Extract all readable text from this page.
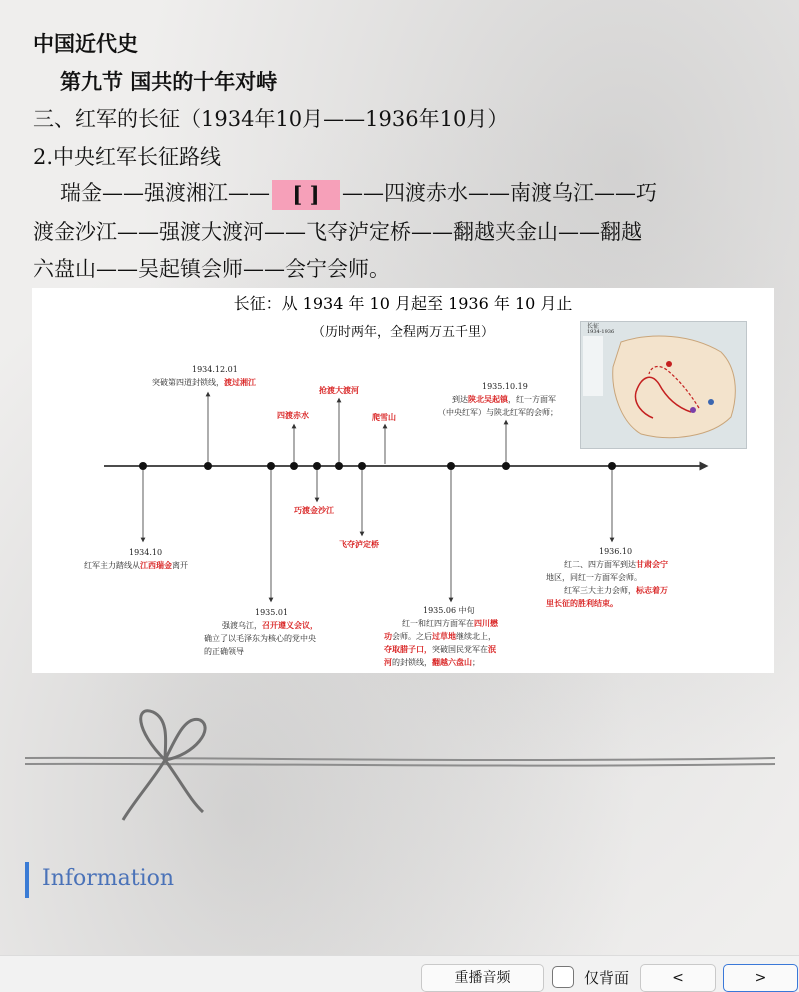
中国近代史
第九节 国共的十年对峙
三、红军的长征（1934年10月——1936年10月）
2.中央红军长征路线
瑞金——强渡湘江—— [ ] ——四渡赤水——南渡乌江——巧
渡金沙江——强渡大渡河——飞夺泸定桥——翻越夹金山——翻越
六盘山——吴起镇会师——会宁会师。
长征：从 1934 年 10 月起至 1936 年 10 月止
（历时两年，全程两万五千里）	长征
1934-1936
1934.10
红军主力踏线从江西瑞金离开
1934.12.01
突破第四道封锁线，渡过湘江
1935.01
强渡乌江，召开遵义会议，
确立了以毛泽东为核心的党中央
的正确领导
四渡赤水
巧渡金沙江
抢渡大渡河
飞夺泸定桥
爬雪山
1935.06 中旬
红一和红四方面军在四川懋
功会师。之后过草地继续北上，
夺取腊子口，突破国民党军在泯
河的封锁线，翻越六盘山；
1935.10.19
到达陕北吴起镇，红一方面军
（中央红军）与陕北红军的会师；
1936.10
红二、四方面军到达甘肃会宁
地区，同红一方面军会师。
红军三大主力会师，标志着万
里长征的胜利结束。
Information
重播音频	仅背面	<	>
